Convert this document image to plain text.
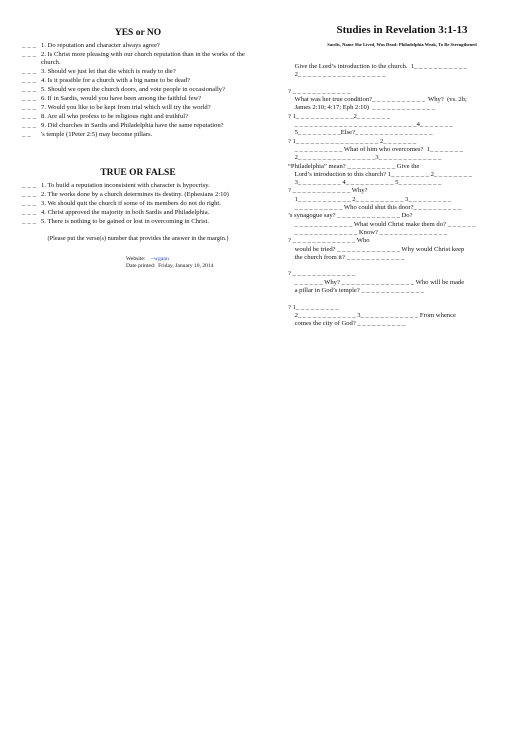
YES or NO
_ _ _ 1. Do reputation and character always agree?
_ _ _ 2. Is Christ more pleasing with our church reputation than in the works of the church.
_ _ _ 3. Should we just let that die which is ready to die?
_ _ _ 4. Is it possible for a church with a big name to be dead?
_ _ _ 5. Should we open the church doors, and vote people in occasionally?
_ _ _ 6. If in Sardis, would you have been among the faithful few?
_ _ _ 7. Would you like to be kept from trial which will try the world?
_ _ _ 8. Are all who profess to be religious right and truthful?
_ _ _ 9. Did churches in Sardis and Philadelphia have the same reputation?
_ _ 's temple (1Peter 2:5) may become pillars.
TRUE OR FALSE
_ _ _ 1. To build a reputation inconsistent with character is hypocrisy.
_ _ _ 2. The works done by a church determines its destiny. (Ephesians 2:10)
_ _ _ 3. We should quit the church if some of its members do not do right.
_ _ _ 4. Christ approved the majority in both Sardis and Philadelphia.
_ _ _ 5. There is nothing to be gained or lost in overcoming in Christ.
(Please put the verse(s) number that provides the answer in the margin.)
Website: ~wgann
Date printed: Friday, January 10, 2014
Studies in Revelation 3:1-13
Sardis, Name She Lived, Was Dead: Philadelphia Weak, To Be Strengthened
Give the Lord’s introduction to the church.  1_ _ _ _ _ _ _ _ _ _ _
2_ _ _ _ _ _ _ _ _ _ _ _ _ _ _ _ _ _

? _ _ _ _ _ _ _ _ _ _ _ _
What was her true condition?_ _ _ _ _ _ _ _ _ _ _  Why?  (vs. 2b;
James 2:10; 4:17; Eph 2:10)  _ _ _ _ _ _ _ _ _ _ _ _ _
? 1_ _ _ _ _ _ _ _ _ _ _ _2_ _ _ _ _ _ _
_ _ _ _ _ _ _ _ _ _ _ _ _ _ _ _ _ _ _ _ _ _ _ _ _4_ _ _ _ _ _ _
5_ _ _ _ _ _ _ _ _Else?_ _ _ _ _ _ _ _ _ _ _ _ _ _ _ _
? 1_ _ _ _ _ _ _ _ _ _ _ _ _ _ _ _ _ 2_ _ _ _ _ _ _
_ _ _ _ _ _ _ _ _ _ What of him who overcomes?  1_ _ _ _ _ _ _
2_ _ _ _ _ _ _ _ _ _ _ _ _ _ _ _3_ _ _ _ _ _ _ _ _ _ _ _ _
“Philadelphia” mean? _ _ _ _ _ _ _ _ _ _ Give the
Lord’s introduction to this church? 1_ _ _ _ _ _ _ _ 2_ _ _ _ _ _ _ _
3_ _ _ _ _ _ _ _ _ 4_ _ _ _ _ _ _ _ _ _ 5_ _ _ _ _ _ _ _ _
? _ _ _ _ _ _ _ _ _ _ _ _ Why?
1_ _ _ _ _ _ _ _ _ _ _ 2_ _ _ _ _ _ _ _ _ _ 3_ _ _ _ _ _ _ _ _
_ _ _ _ _ _ _ _ _ _ Who could shut this door?_ _ _ _ _ _ _ _ _ _
’s synagogue say? _ _ _ _ _ _ _ _ _ _ _ _ _ Do?
_ _ _ _ _ _ _ _ _ _ _ _ What would Christ make them do? _ _ _ _ _ _
_ _ _ _ _ _ _ _ _ _ _ _ _ Know? _ _ _ _ _ _ _ _ _ _ _ _ _ _
? _ _ _ _ _ _ _ _ _ _ _ _ _ Who
would be tried? _ _ _ _ _ _ _ _ _ _ _ _ _ Why would Christ keep
the church from it? _ _ _ _ _ _ _ _ _ _ _ _

? _ _ _ _ _ _ _ _ _ _ _ _ _
_ _ _ _ _ _ Why? _ _ _ _ _ _ _ _ _ _ _ _ _ _ _ Who will be made
a pillar in God’s temple? _ _ _ _ _ _ _ _ _ _ _ _ _

? 1_ _ _ _ _ _ _ _ _
2_ _ _ _ _ _ _ _ _ _ _ _ 3_ _ _ _ _ _ _ _ _ _ _ _ From whence
comes the city of God? _ _ _ _ _ _ _ _ _ _
